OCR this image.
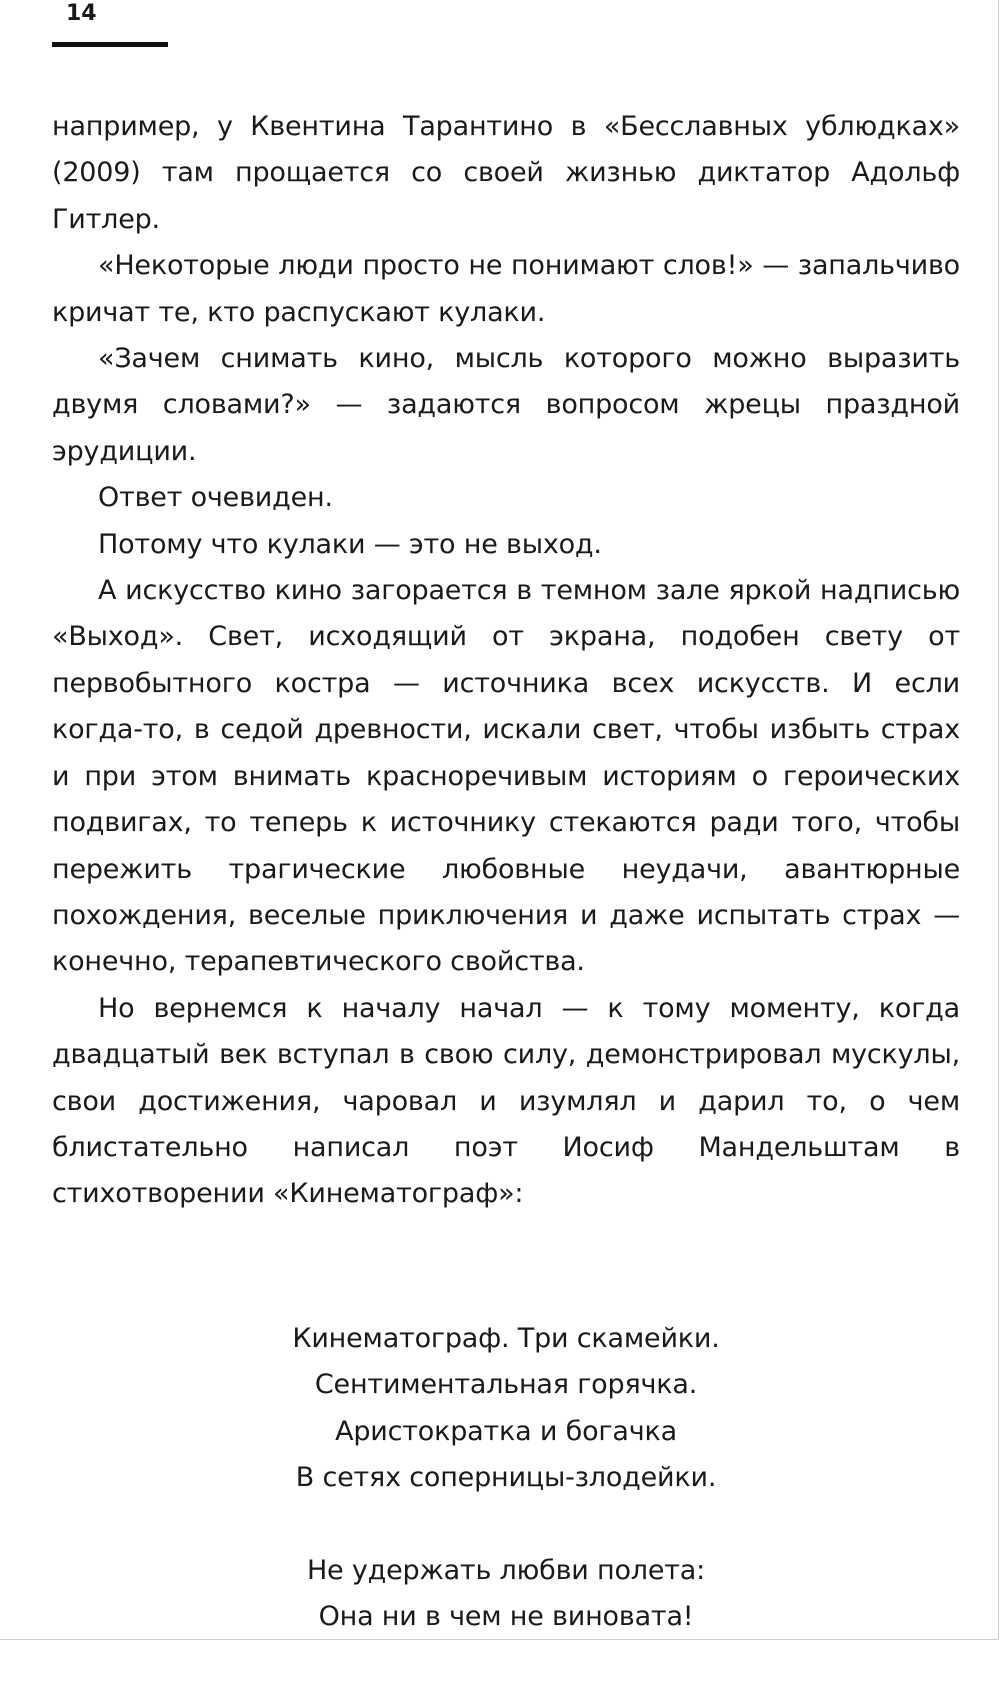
14

например, у Квентина Тарантино в «Бесславных ублюдках» (2009) там прощается со своей жизнью диктатор Адольф Гитлер.

«Некоторые люди просто не понимают слов!» — запальчиво кричат те, кто распускают кулаки.

«Зачем снимать кино, мысль которого можно выразить двумя словами?» — задаются вопросом жрецы праздной эрудиции.

Ответ очевиден.

Потому что кулаки — это не выход.

А искусство кино загорается в темном зале яркой надписью «Выход». Свет, исходящий от экрана, подобен свету от первобытного костра — источника всех искусств. И если когда-то, в седой древности, искали свет, чтобы избыть страх и при этом внимать красноречивым историям о героических подвигах, то теперь к источнику стекаются ради того, чтобы пережить трагические любовные неудачи, авантюрные похождения, веселые приключения и даже испытать страх — конечно, терапевтического свойства.

Но вернемся к началу начал — к тому моменту, когда двадцатый век вступал в свою силу, демонстрировал мускулы, свои достижения, чаровал и изумлял и дарил то, о чем блистательно написал поэт Иосиф Мандельштам в стихотворении «Кинематограф»:

Кинематограф. Три скамейки.
Сентиментальная горячка.
Аристократка и богачка
В сетях соперницы-злодейки.
Не удержать любви полета:
Она ни в чем не виновата!
